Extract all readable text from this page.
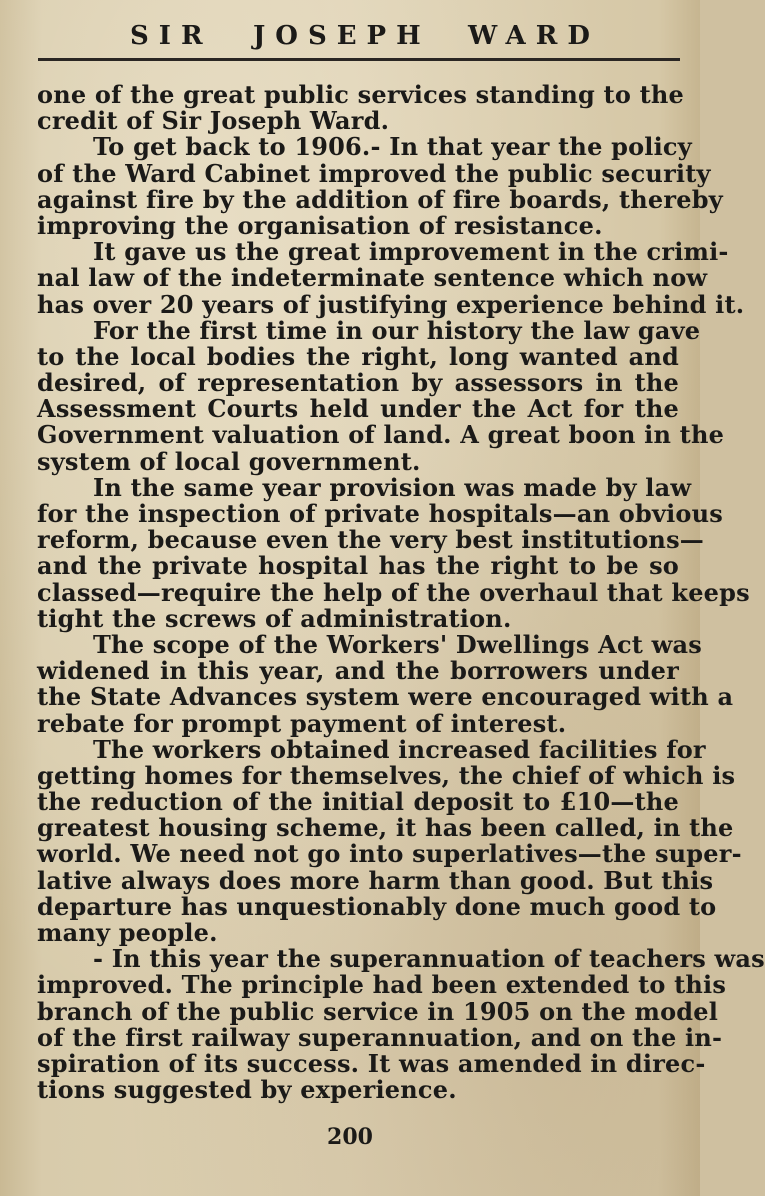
SIR JOSEPH WARD
one of the great public services standing to the
credit of Sir Joseph Ward.
To get back to 1906.- In that year the policy
of the Ward Cabinet improved the public security
against fire by the addition of fire boards, thereby
improving the organisation of resistance.
It gave us the great improvement in the crimi-
nal law of the indeterminate sentence which now
has over 20 years of justifying experience behind it.
For the first time in our history the law gave
to the local bodies the right, long wanted and
desired, of representation by assessors in the
Assessment Courts held under the Act for the
Government valuation of land. A great boon in the
system of local government.
In the same year provision was made by law
for the inspection of private hospitals—an obvious
reform, because even the very best institutions—
and the private hospital has the right to be so
classed—require the help of the overhaul that keeps
tight the screws of administration.
The scope of the Workers' Dwellings Act was
widened in this year, and the borrowers under
the State Advances system were encouraged with a
rebate for prompt payment of interest.
The workers obtained increased facilities for
getting homes for themselves, the chief of which is
the reduction of the initial deposit to £10—the
greatest housing scheme, it has been called, in the
world. We need not go into superlatives—the super-
lative always does more harm than good. But this
departure has unquestionably done much good to
many people.
- In this year the superannuation of teachers was
improved. The principle had been extended to this
branch of the public service in 1905 on the model
of the first railway superannuation, and on the in-
spiration of its success. It was amended in direc-
tions suggested by experience.
200
